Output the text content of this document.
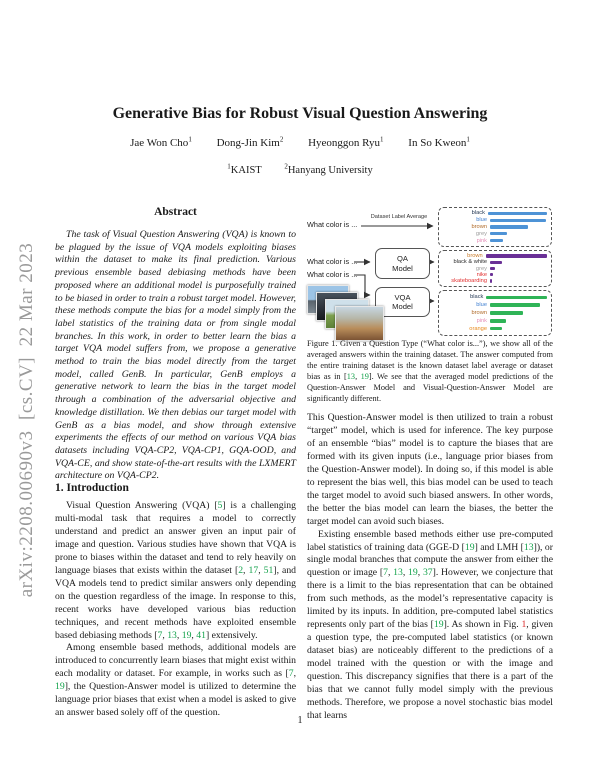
arXiv:2208.00690v3  [cs.CV]  22 Mar 2023
Generative Bias for Robust Visual Question Answering
Jae Won Cho$^1$ Dong-Jin Kim$^2$ Hyeonggon Ryu$^1$ In So Kweon$^1$
$^1$KAIST	$^2$Hanyang University
Abstract
The task of Visual Question Answering (VQA) is known to be plagued by the issue of VQA models exploiting biases within the dataset to make its final prediction. Various previous ensemble based debiasing methods have been proposed where an additional model is purposefully trained to be biased in order to train a robust target model. However, these methods compute the bias for a model simply from the label statistics of the training data or from single modal branches. In this work, in order to better learn the bias a target VQA model suffers from, we propose a generative method to train the bias model directly from the target model, called GenB. In particular, GenB employs a generative network to learn the bias in the target model through a combination of the adversarial objective and knowledge distillation. We then debias our target model with GenB as a bias model, and show through extensive experiments the effects of our method on various VQA bias datasets including VQA-CP2, VQA-CP1, GQA-OOD, and VQA-CE, and show state-of-the-art results with the LXMERT architecture on VQA-CP2.
1. Introduction
Visual Question Answering (VQA) [5] is a challenging multi-modal task that requires a model to correctly understand and predict an answer given an input pair of image and question. Various studies have shown that VQA is prone to biases within the dataset and tend to rely heavily on language biases that exists within the dataset [2, 17, 51], and VQA models tend to predict similar answers only depending on the question regardless of the image. In response to this, recent works have developed various bias reduction techniques, and recent methods have exploited ensemble based debiasing methods [7, 13, 19, 41] extensively.
Among ensemble based methods, additional models are introduced to concurrently learn biases that might exist within each modality or dataset. For example, in works such as [7, 19], the Question-Answer model is utilized to determine the language prior biases that exist when a model is asked to give an answer based solely off of the question.
What color is ...
Dataset Label Average
What color is ...
What color is ...
QA
Model
VQA
Model
black
blue
brown
grey
pink
brown
black & white
grey
nike
skateboarding
black
blue
brown
pink
orange
Figure 1. Given a Question Type (“What color is...”), we show all of the averaged answers within the training dataset. The answer computed from the entire training dataset is the known dataset label average or dataset bias as in [13, 19]. We see that the averaged model predictions of the Question-Answer Model and Visual-Question-Answer Model are significantly different.
This Question-Answer model is then utilized to train a robust “target” model, which is used for inference. The key purpose of an ensemble “bias” model is to capture the biases that are formed with its given inputs (i.e., language prior biases from the Question-Answer model). In doing so, if this model is able to represent the bias well, this bias model can be used to teach the target model to avoid such biased answers. In other words, the better the bias model can learn the biases, the better the target model can avoid such biases.
Existing ensemble based methods either use pre-computed label statistics of training data (GGE-D [19] and LMH [13]), or single modal branches that compute the answer from either the question or image [7, 13, 19, 37]. However, we conjecture that there is a limit to the bias representation that can be obtained from such methods, as the model’s representative capacity is limited by its inputs. In addition, pre-computed label statistics represents only part of the bias [19]. As shown in Fig. 1, given a question type, the pre-computed label statistics (or known dataset bias) are noticeably different to the predictions of a model trained with the question or with the image and question. This discrepancy signifies that there is a part of the bias that we cannot fully model simply with the previous methods. Therefore, we propose a novel stochastic bias model that learns
1
